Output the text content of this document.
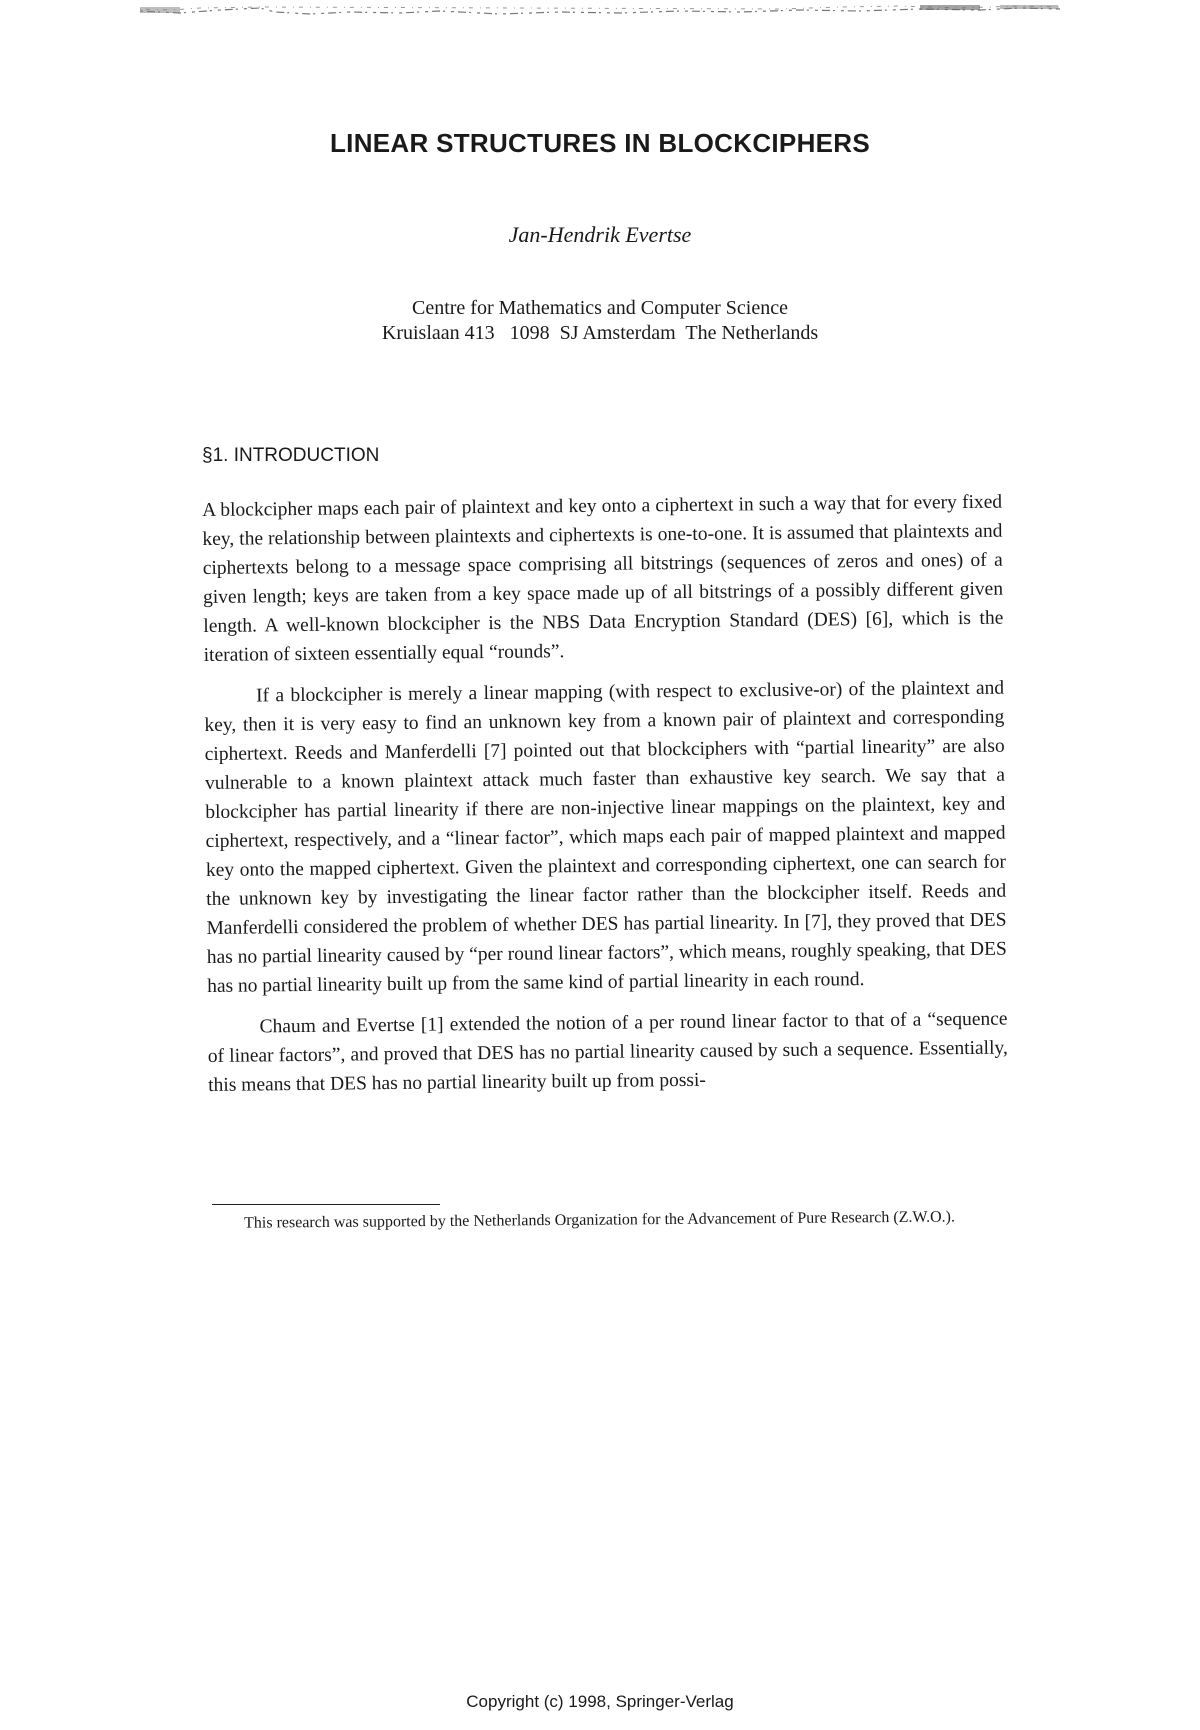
LINEAR STRUCTURES IN BLOCKCIPHERS

Jan-Hendrik Evertse

Centre for Mathematics and Computer Science
Kruislaan 413   1098  SJ Amsterdam  The Netherlands
§1. INTRODUCTION

A blockcipher maps each pair of plaintext and key onto a ciphertext in such a way that for every fixed key, the relationship between plaintexts and ciphertexts is one-to-one. It is assumed that plaintexts and ciphertexts belong to a message space comprising all bitstrings (sequences of zeros and ones) of a given length; keys are taken from a key space made up of all bitstrings of a possibly different given length. A well-known blockcipher is the NBS Data Encryption Standard (DES) [6], which is the iteration of sixteen essentially equal “rounds”.

If a blockcipher is merely a linear mapping (with respect to exclusive-or) of the plaintext and key, then it is very easy to find an unknown key from a known pair of plaintext and corresponding ciphertext. Reeds and Manferdelli [7] pointed out that blockciphers with “partial linearity” are also vulnerable to a known plaintext attack much faster than exhaustive key search. We say that a blockcipher has partial linearity if there are non-injective linear mappings on the plaintext, key and ciphertext, respectively, and a “linear factor”, which maps each pair of mapped plaintext and mapped key onto the mapped ciphertext. Given the plaintext and corresponding ciphertext, one can search for the unknown key by investigating the linear factor rather than the blockcipher itself. Reeds and Manferdelli considered the problem of whether DES has partial linearity. In [7], they proved that DES has no partial linearity caused by “per round linear factors”, which means, roughly speaking, that DES has no partial linearity built up from the same kind of partial linearity in each round.

Chaum and Evertse [1] extended the notion of a per round linear factor to that of a “sequence of linear factors”, and proved that DES has no partial linearity caused by such a sequence. Essentially, this means that DES has no partial linearity built up from possi-

This research was supported by the Netherlands Organization for the Advancement of Pure Research (Z.W.O.).

Copyright (c) 1998, Springer-Verlag
